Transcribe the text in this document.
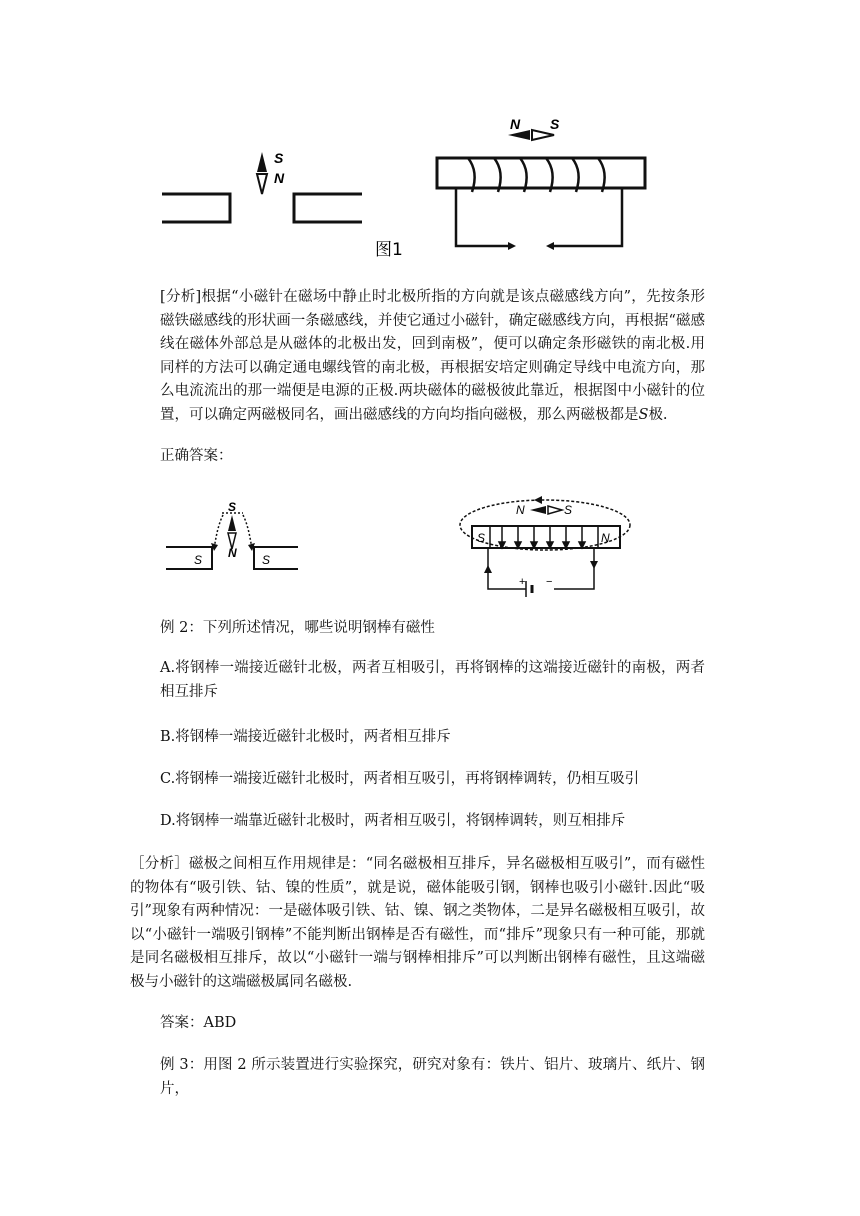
S
N
N S
图1

[分析]根据“小磁针在磁场中静止时北极所指的方向就是该点磁感线方向”，先按条形磁铁磁感线的形状画一条磁感线，并使它通过小磁针，确定磁感线方向，再根据“磁感线在磁体外部总是从磁体的北极出发，回到南极”，便可以确定条形磁铁的南北极.用同样的方法可以确定通电螺线管的南北极，再根据安培定则确定导线中电流方向，那么电流流出的那一端便是电源的正极.两块磁体的磁极彼此靠近，根据图中小磁针的位置，可以确定两磁极同名，画出磁感线的方向均指向磁极，那么两磁极都是S极.

正确答案：

S	S
S
N
N	S
S	N
+ −

例 2：下列所述情况，哪些说明钢棒有磁性

A.将钢棒一端接近磁针北极，两者互相吸引，再将钢棒的这端接近磁针的南极，两者相互排斥

B.将钢棒一端接近磁针北极时，两者相互排斥

C.将钢棒一端接近磁针北极时，两者相互吸引，再将钢棒调转，仍相互吸引

D.将钢棒一端靠近磁针北极时，两者相互吸引，将钢棒调转，则互相排斥

［分析］磁极之间相互作用规律是：“同名磁极相互排斥，异名磁极相互吸引”，而有磁性的物体有“吸引铁、钴、镍的性质”，就是说，磁体能吸引钢，钢棒也吸引小磁针.因此“吸引”现象有两种情况：一是磁体吸引铁、钴、镍、钢之类物体，二是异名磁极相互吸引，故以“小磁针一端吸引钢棒”不能判断出钢棒是否有磁性，而“排斥”现象只有一种可能，那就是同名磁极相互排斥，故以“小磁针一端与钢棒相排斥”可以判断出钢棒有磁性，且这端磁极与小磁针的这端磁极属同名磁极.

答案：ABD

例 3：用图 2 所示装置进行实验探究，研究对象有：铁片、铝片、玻璃片、纸片、钢片，
